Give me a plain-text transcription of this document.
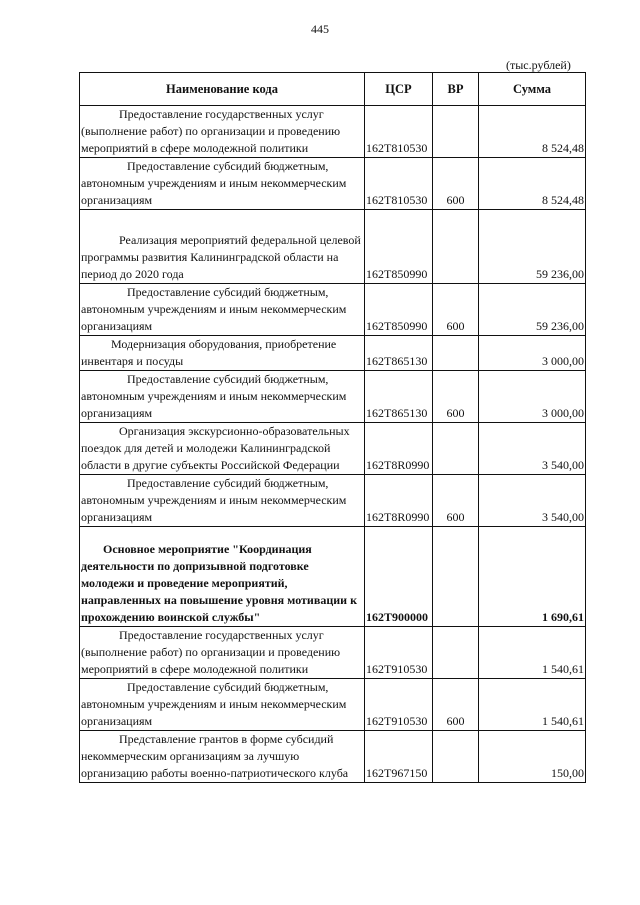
445
(тыс.рублей)
Наименование кода	ЦСР	ВР	Сумма
Предоставление государственных услуг (выполнение работ) по организации и проведению мероприятий в сфере молодежной политики	162T810530		8 524,48
Предоставление субсидий бюджетным, автономным учреждениям и иным некоммерческим организациям	162T810530	600	8 524,48
Реализация мероприятий федеральной целевой программы развития Калининградской области на период до 2020 года	162T850990		59 236,00
Предоставление субсидий бюджетным, автономным учреждениям и иным некоммерческим организациям	162T850990	600	59 236,00
Модернизация оборудования, приобретение инвентаря и посуды	162T865130		3 000,00
Предоставление субсидий бюджетным, автономным учреждениям и иным некоммерческим организациям	162T865130	600	3 000,00
Организация экскурсионно-образовательных поездок для детей и молодежи Калининградской области в другие субъекты Российской Федерации	162T8R0990		3 540,00
Предоставление субсидий бюджетным, автономным учреждениям и иным некоммерческим организациям	162T8R0990	600	3 540,00
Основное мероприятие "Координация деятельности по допризывной подготовке молодежи и проведение мероприятий, направленных на повышение уровня мотивации к прохождению воинской службы"	162T900000		1 690,61
Предоставление государственных услуг (выполнение работ) по организации и проведению мероприятий в сфере молодежной политики	162T910530		1 540,61
Предоставление субсидий бюджетным, автономным учреждениям и иным некоммерческим организациям	162T910530	600	1 540,61
Представление грантов в форме субсидий некоммерческим организациям за лучшую организацию работы военно-патриотического клуба	162T967150		150,00
